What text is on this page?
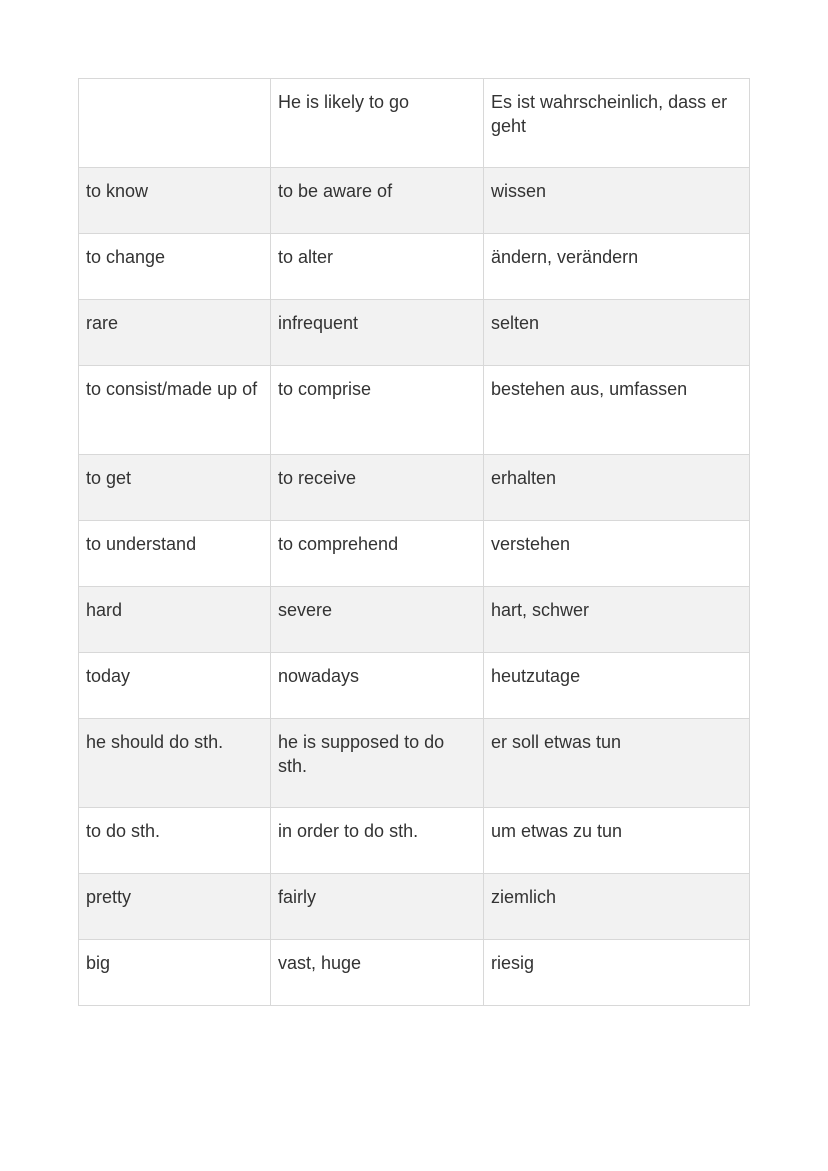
	He is likely to go	Es ist wahrscheinlich, dass er geht
to know	to be aware of	wissen
to change	to alter	ändern, verändern
rare	infrequent	selten
to consist/made up of	to comprise	bestehen aus, umfassen
to get	to receive	erhalten
to understand	to comprehend	verstehen
hard	severe	hart, schwer
today	nowadays	heutzutage
he should do sth.	he is supposed to do sth.	er soll etwas tun
to do sth.	in order to do sth.	um etwas zu tun
pretty	fairly	ziemlich
big	vast, huge	riesig
